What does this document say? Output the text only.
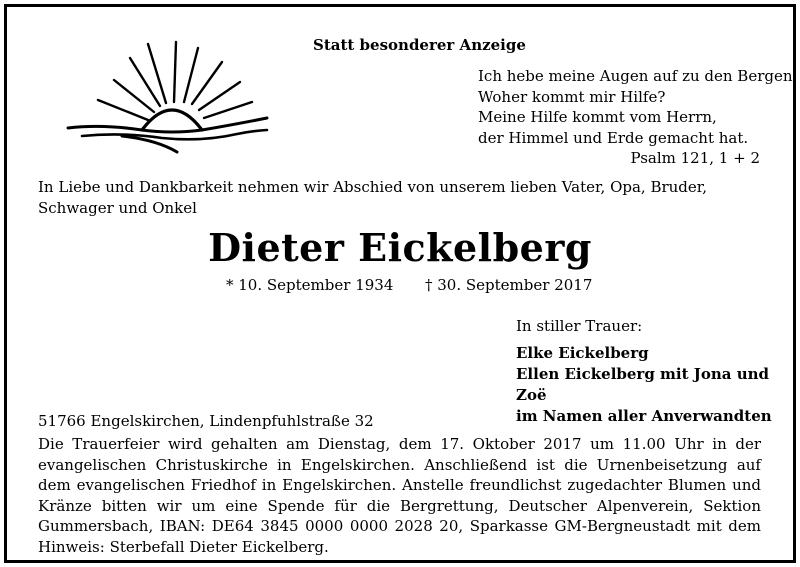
Statt besonderer Anzeige
Ich hebe meine Augen auf zu den Bergen.
Woher kommt mir Hilfe?
Meine Hilfe kommt vom Herrn,
der Himmel und Erde gemacht hat.
Psalm 121, 1 + 2
In Liebe und Dankbarkeit nehmen wir Abschied von unserem lieben Vater, Opa, Bruder, Schwager und Onkel
Dieter Eickelberg
* 10. September 1934 † 30. September 2017
In stiller Trauer:
Elke Eickelberg
Ellen Eickelberg mit Jona und Zoë
im Namen aller Anverwandten
51766 Engelskirchen, Lindenpfuhlstraße 32
Die Trauerfeier wird gehalten am Dienstag, dem 17. Oktober 2017 um 11.00 Uhr in der evangelischen Christuskirche in Engelskirchen. Anschließend ist die Urnenbeisetzung auf dem evangelischen Friedhof in Engelskirchen. Anstelle freundlichst zugedachter Blumen und Kränze bitten wir um eine Spende für die Bergrettung, Deutscher Alpenverein, Sektion Gummersbach, IBAN: DE64 3845 0000 0000 2028 20, Sparkasse GM-Bergneustadt mit dem Hinweis: Sterbefall Dieter Eickelberg.
